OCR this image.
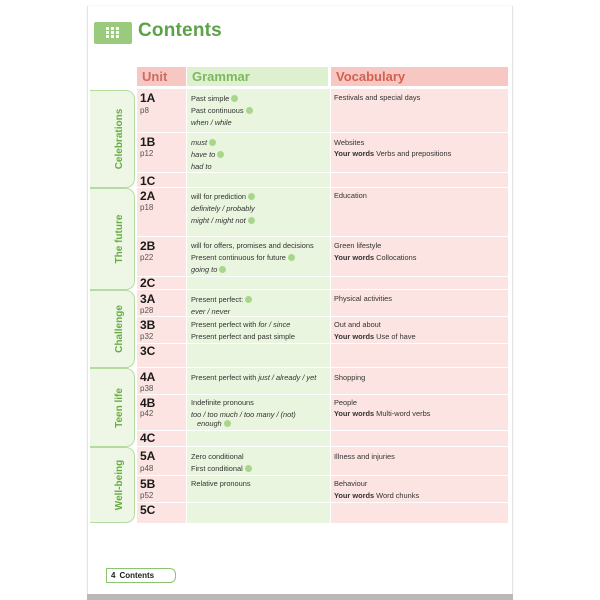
Contents
Unit	Grammar	Vocabulary
Celebrations
The future
Challenge
Teen life
Well-being
1A
p8
1B
p12
1C
2A
p18
2B
p22
2C
3A
p28
3B
p32
3C
4A
p38
4B
p42
4C
5A
p48
5B
p52
5C
Past simple
Past continuous
when / while
must
have to
had to
will for prediction
definitely / probably
might / might not
will for offers, promises and decisions
Present continuous for future
going to
Present perfect:
ever / never
Present perfect with for / since
Present perfect and past simple
Present perfect with just / already / yet
Indefinite pronouns
too / too much / too many / (not)
enough
Zero conditional
First conditional
Relative pronouns
Festivals and special days
Websites
Your words Verbs and prepositions
Education
Green lifestyle
Your words Collocations
Physical activities
Out and about
Your words Use of have
Shopping
People
Your words Multi-word verbs
Illness and injuries
Behaviour
Your words Word chunks
4 Contents
